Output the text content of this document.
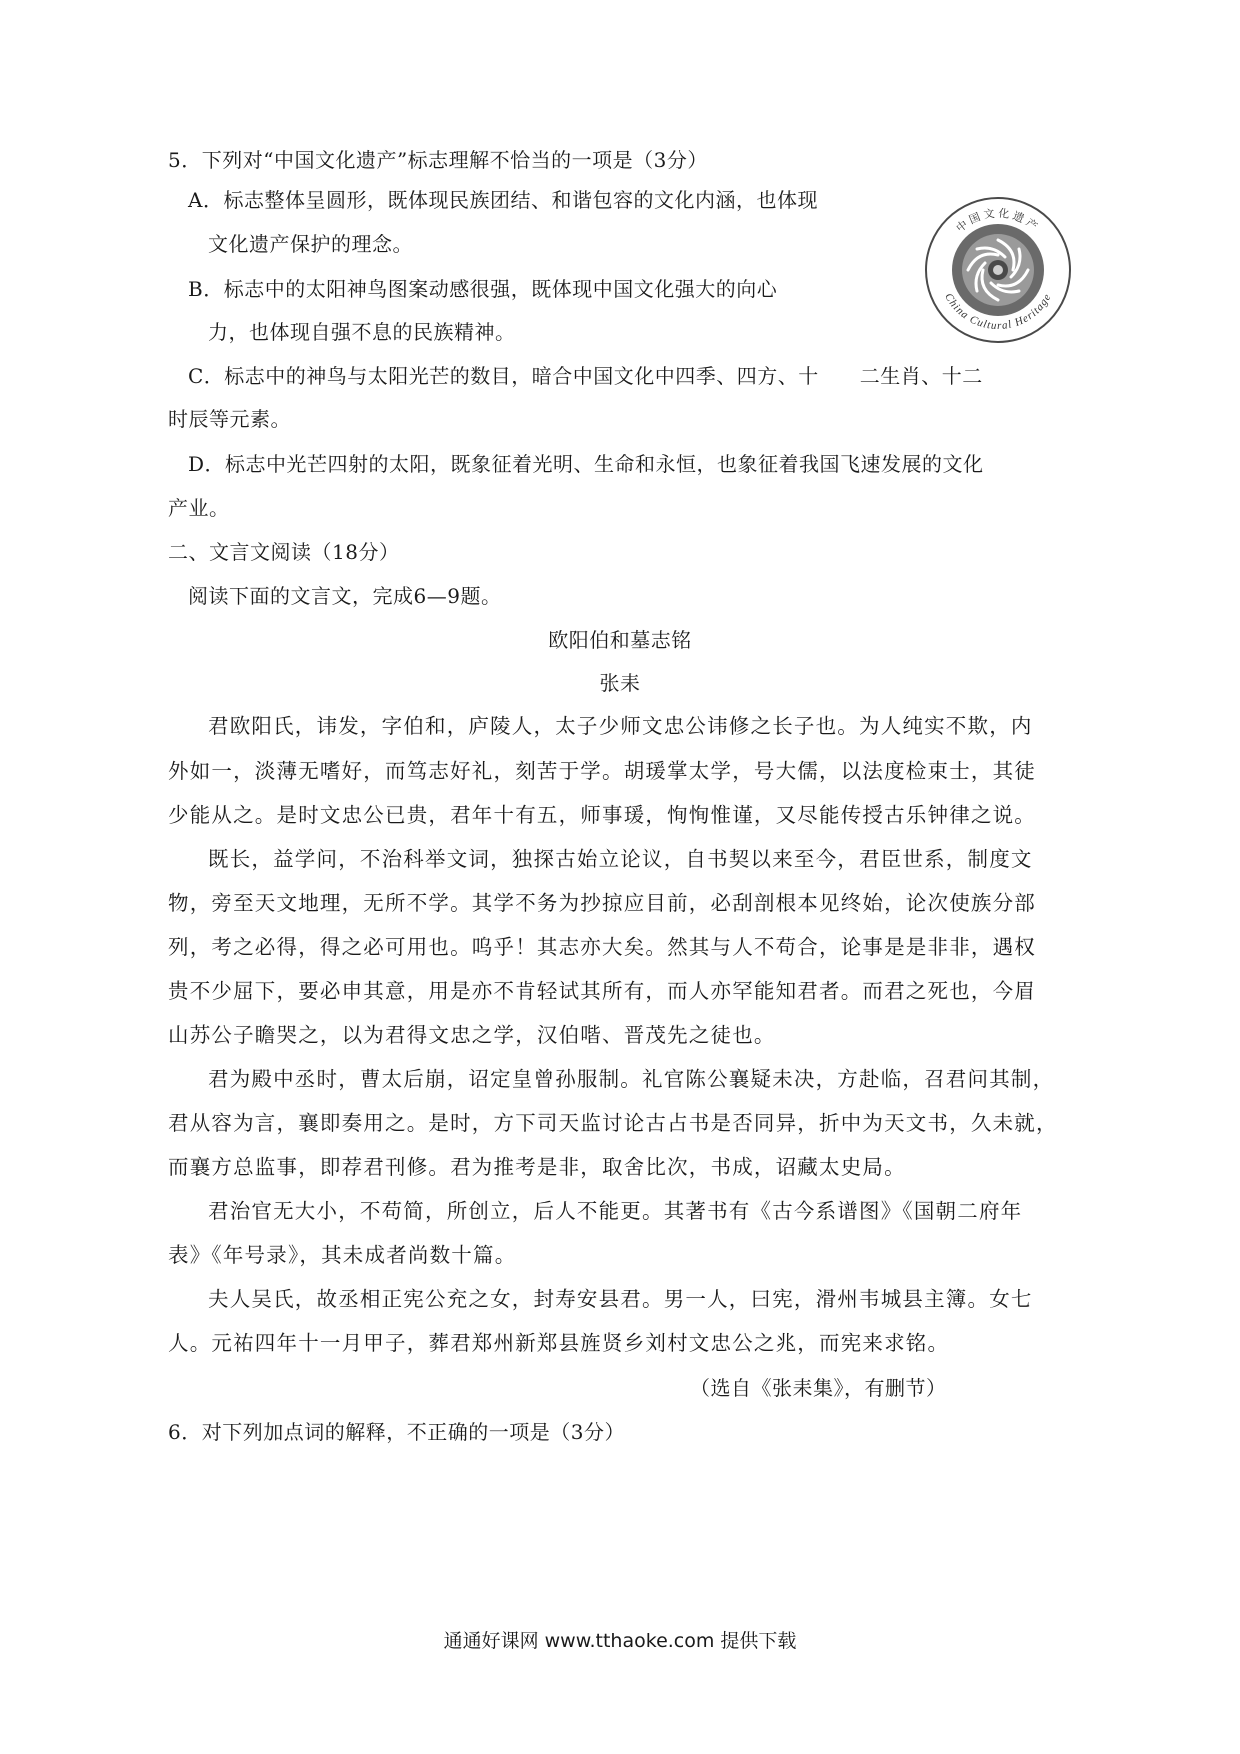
5．下列对“中国文化遗产”标志理解不恰当的一项是（3分）
A．标志整体呈圆形，既体现民族团结、和谐包容的文化内涵，也体现
文化遗产保护的理念。
B．标志中的太阳神鸟图案动感很强，既体现中国文化强大的向心
力，也体现自强不息的民族精神。
C．标志中的神鸟与太阳光芒的数目，暗合中国文化中四季、四方、十　　二生肖、十二
时辰等元素。
D．标志中光芒四射的太阳，既象征着光明、生命和永恒，也象征着我国飞速发展的文化
产业。
中国文化遗产
China Cultural Heritage
二、文言文阅读（18分）
阅读下面的文言文，完成6—9题。
欧阳伯和墓志铭
张耒
君欧阳氏，讳发，字伯和，庐陵人，太子少师文忠公讳修之长子也。为人纯实不欺，内
外如一，淡薄无嗜好，而笃志好礼，刻苦于学。胡瑗掌太学，号大儒，以法度检束士，其徒
少能从之。是时文忠公已贵，君年十有五，师事瑗，恂恂惟谨，又尽能传授古乐钟律之说。
既长，益学问，不治科举文词，独探古始立论议，自书契以来至今，君臣世系，制度文
物，旁至天文地理，无所不学。其学不务为抄掠应目前，必刮剖根本见终始，论次使族分部
列，考之必得，得之必可用也。呜乎！其志亦大矣。然其与人不苟合，论事是是非非，遇权
贵不少屈下，要必申其意，用是亦不肯轻试其所有，而人亦罕能知君者。而君之死也，今眉
山苏公子瞻哭之，以为君得文忠之学，汉伯喈、晋茂先之徒也。
君为殿中丞时，曹太后崩，诏定皇曾孙服制。礼官陈公襄疑未决，方赴临，召君问其制，
君从容为言，襄即奏用之。是时，方下司天监讨论古占书是否同异，折中为天文书，久未就，
而襄方总监事，即荐君刊修。君为推考是非，取舍比次，书成，诏藏太史局。
君治官无大小，不苟简，所创立，后人不能更。其著书有《古今系谱图》《国朝二府年
表》《年号录》，其未成者尚数十篇。
夫人吴氏，故丞相正宪公充之女，封寿安县君。男一人，曰宪，滑州韦城县主簿。女七
人。元祐四年十一月甲子，葬君郑州新郑县旌贤乡刘村文忠公之兆，而宪来求铭。
（选自《张耒集》，有删节）
6．对下列加点词的解释，不正确的一项是（3分）
通通好课网 www.tthaoke.com 提供下载
